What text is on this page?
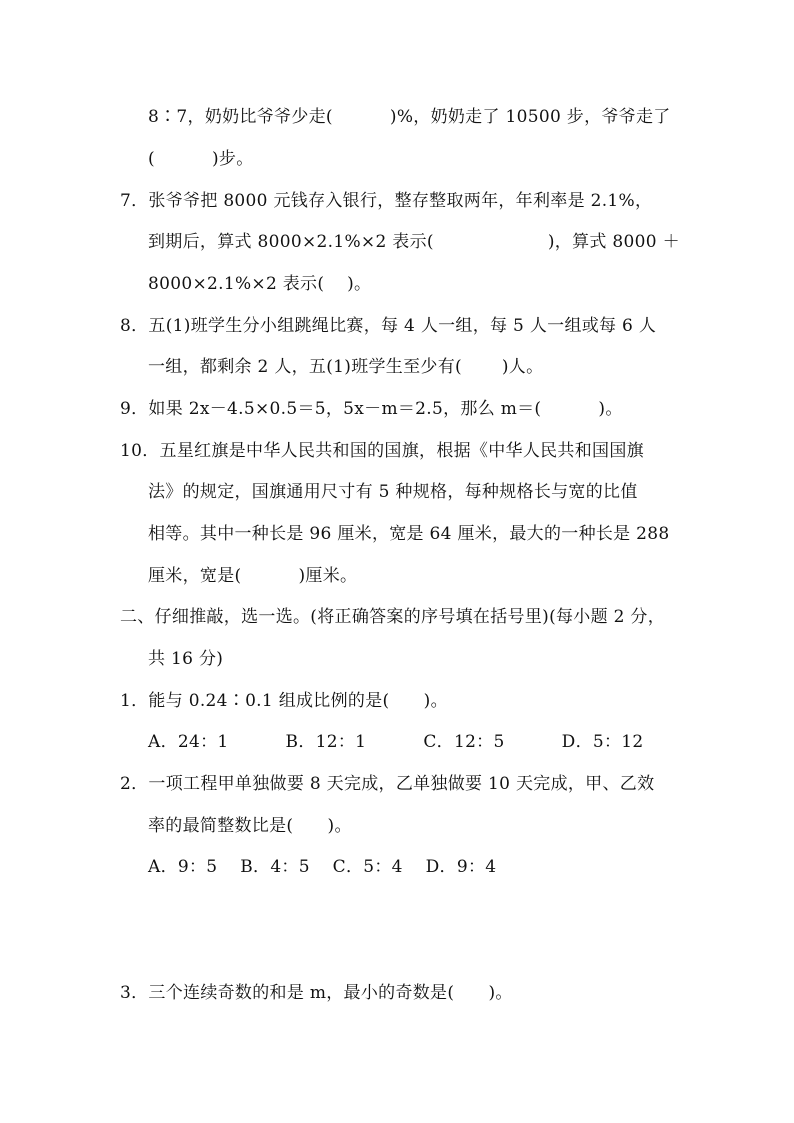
8∶7，奶奶比爷爷少走(          )%，奶奶走了 10500 步，爷爷走了
(          )步。
7．张爷爷把 8000 元钱存入银行，整存整取两年，年利率是 2.1%，
到期后，算式 8000×2.1%×2 表示(                    )，算式 8000 ＋
8000×2.1%×2 表示(    )。
8．五(1)班学生分小组跳绳比赛，每 4 人一组，每 5 人一组或每 6 人
一组，都剩余 2 人，五(1)班学生至少有(       )人。
9．如果 2x－4.5×0.5＝5，5x－m＝2.5，那么 m＝(          )。
10．五星红旗是中华人民共和国的国旗，根据《中华人民共和国国旗
法》的规定，国旗通用尺寸有 5 种规格，每种规格长与宽的比值
相等。其中一种长是 96 厘米，宽是 64 厘米，最大的一种长是 288
厘米，宽是(          )厘米。
二、仔细推敲，选一选。(将正确答案的序号填在括号里)(每小题 2 分，
共 16 分)
1．能与 0.24∶0.1 组成比例的是(      )。
A．24：1          B．12：1          C．12：5          D．5：12
2．一项工程甲单独做要 8 天完成，乙单独做要 10 天完成，甲、乙效
率的最简整数比是(      )。
A．9：5    B．4：5    C．5：4    D．9：4
3．三个连续奇数的和是 m，最小的奇数是(      )。
